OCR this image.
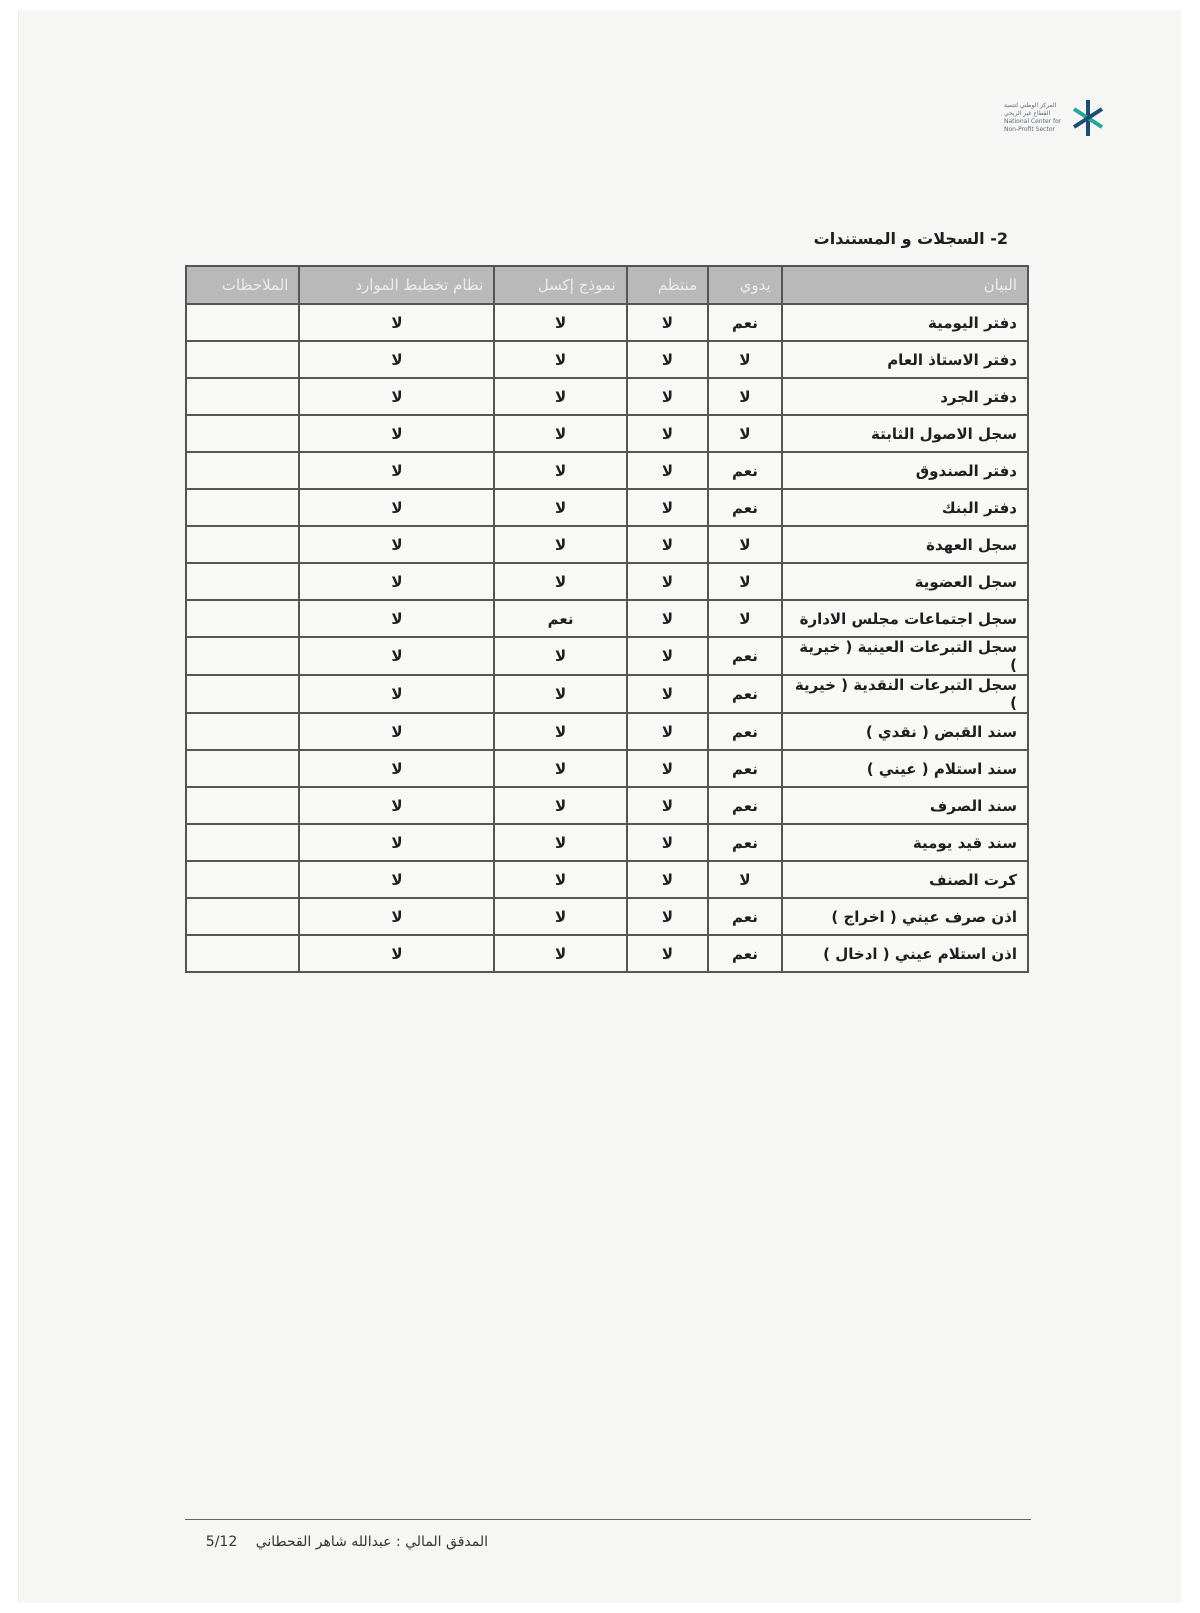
المركز الوطني لتنمية
القطاع غير الربحي
National Center for
Non-Profit Sector
2- السجلات و المستندات
البيان	يدوي	منتظم	نموذج إكسل	نظام تخطيط الموارد	الملاحظات
دفتر اليومية	نعم	لا	لا	لا	
دفتر الاستاذ العام	لا	لا	لا	لا	
دفتر الجرد	لا	لا	لا	لا	
سجل الاصول الثابتة	لا	لا	لا	لا	
دفتر الصندوق	نعم	لا	لا	لا	
دفتر البنك	نعم	لا	لا	لا	
سجل العهدة	لا	لا	لا	لا	
سجل العضوية	لا	لا	لا	لا	
سجل اجتماعات مجلس الادارة	لا	لا	نعم	لا	
سجل التبرعات العينية ( خيرية )	نعم	لا	لا	لا	
سجل التبرعات النقدية ( خيرية )	نعم	لا	لا	لا	
سند القبض ( نقدي )	نعم	لا	لا	لا	
سند استلام ( عيني )	نعم	لا	لا	لا	
سند الصرف	نعم	لا	لا	لا	
سند قيد يومية	نعم	لا	لا	لا	
كرت الصنف	لا	لا	لا	لا	
اذن صرف عيني ( اخراج )	نعم	لا	لا	لا	
اذن استلام عيني ( ادخال )	نعم	لا	لا	لا	
المدقق المالي : عبدالله شاهر القحطاني 5/12
